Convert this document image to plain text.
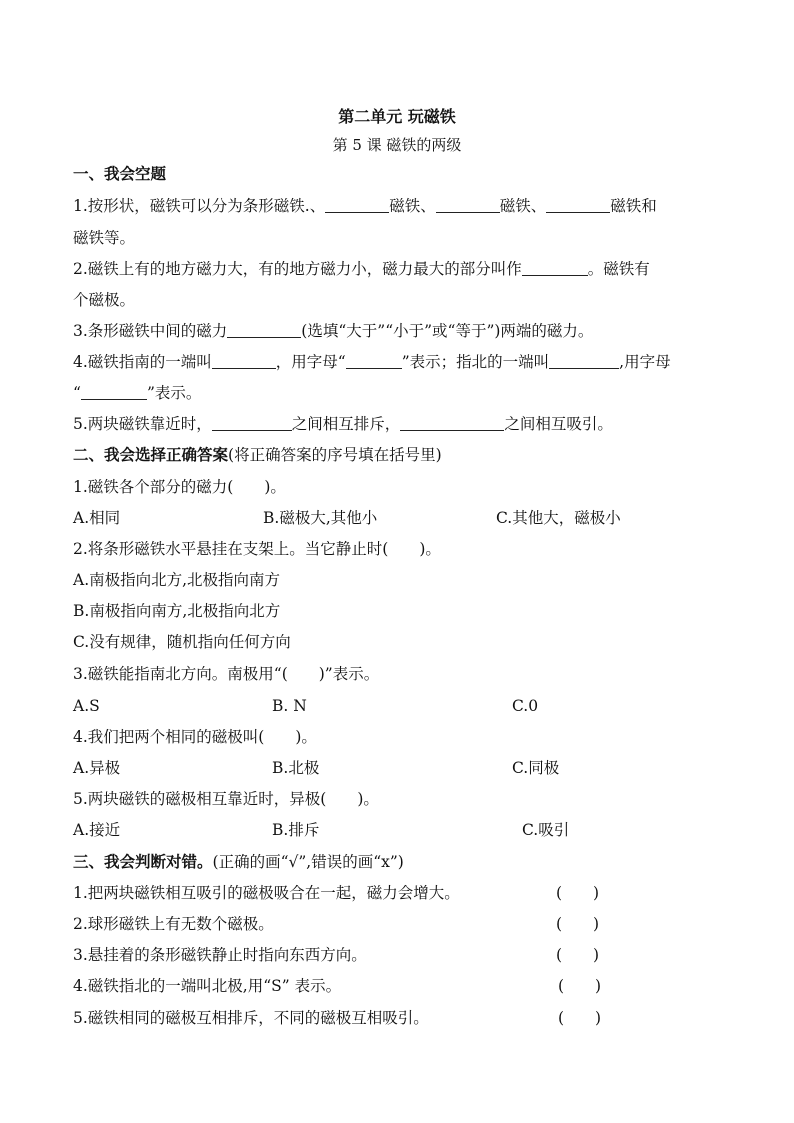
第二单元 玩磁铁
第 5 课 磁铁的两级
一、我会空题
1.按形状，磁铁可以分为条形磁铁.、	磁铁、	磁铁、	磁铁和
磁铁等。
2.磁铁上有的地方磁力大，有的地方磁力小，磁力最大的部分叫作	。磁铁有
个磁极。
3.条形磁铁中间的磁力	(选填“大于”“小于”或“等于”)两端的磁力。
4.磁铁指南的一端叫	，用字母“	”表示；指北的一端叫	,用字母
“	”表示。
5.两块磁铁靠近时，	之间相互排斥，	之间相互吸引。
二、我会选择正确答案(将正确答案的序号填在括号里)
1.磁铁各个部分的磁力(　　)。
A.相同	B.磁极大,其他小	C.其他大，磁极小
2.将条形磁铁水平悬挂在支架上。当它静止时(　　)。
A.南极指向北方,北极指向南方
B.南极指向南方,北极指向北方
C.没有规律，随机指向任何方向
3.磁铁能指南北方向。南极用“(　　)”表示。
A.S	B. N	C.0
4.我们把两个相同的磁极叫(　　)。
A.异极	B.北极	C.同极
5.两块磁铁的磁极相互靠近时，异极(　　)。
A.接近	B.排斥	C.吸引
三、我会判断对错。(正确的画“√”,错误的画“x”)
1.把两块磁铁相互吸引的磁极吸合在一起，磁力会增大。	(　　)
2.球形磁铁上有无数个磁极。	(　　)
3.悬挂着的条形磁铁静止时指向东西方向。	(　　)
4.磁铁指北的一端叫北极,用“S” 表示。	(　　)
5.磁铁相同的磁极互相排斥，不同的磁极互相吸引。	(　　)
